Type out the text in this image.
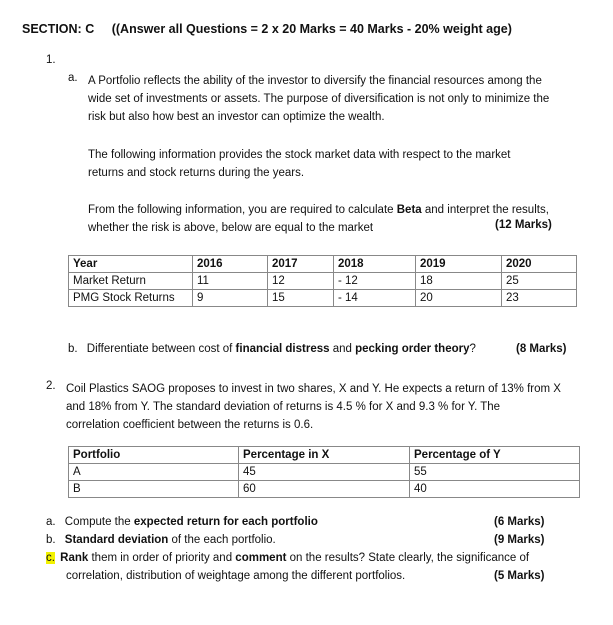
SECTION: C ((Answer all Questions = 2 x 20 Marks = 40 Marks - 20% weight age)
1.
a. A Portfolio reflects the ability of the investor to diversify the financial resources among the
wide set of investments or assets. The purpose of diversification is not only to minimize the
risk but also how best an investor can optimize the wealth.
The following information provides the stock market data with respect to the market
returns and stock returns during the years.
From the following information, you are required to calculate Beta and interpret the results,
whether the risk is above, below are equal to the market	(12 Marks)
Year	2016	2017	2018	2019	2020
Market Return	11	12	- 12	18	25
PMG Stock Returns	9	15	- 14	20	23
b. Differentiate between cost of financial distress and pecking order theory?	(8 Marks)
2. Coil Plastics SAOG proposes to invest in two shares, X and Y. He expects a return of 13% from X
and 18% from Y. The standard deviation of returns is 4.5 % for X and 9.3 % for Y. The
correlation coefficient between the returns is 0.6.
Portfolio	Percentage in X	Percentage of Y
A	45	55
B	60	40
a. Compute the expected return for each portfolio	(6 Marks)
b. Standard deviation of the each portfolio.	(9 Marks)
c. Rank them in order of priority and comment on the results? State clearly, the significance of
correlation, distribution of weightage among the different portfolios.	(5 Marks)
